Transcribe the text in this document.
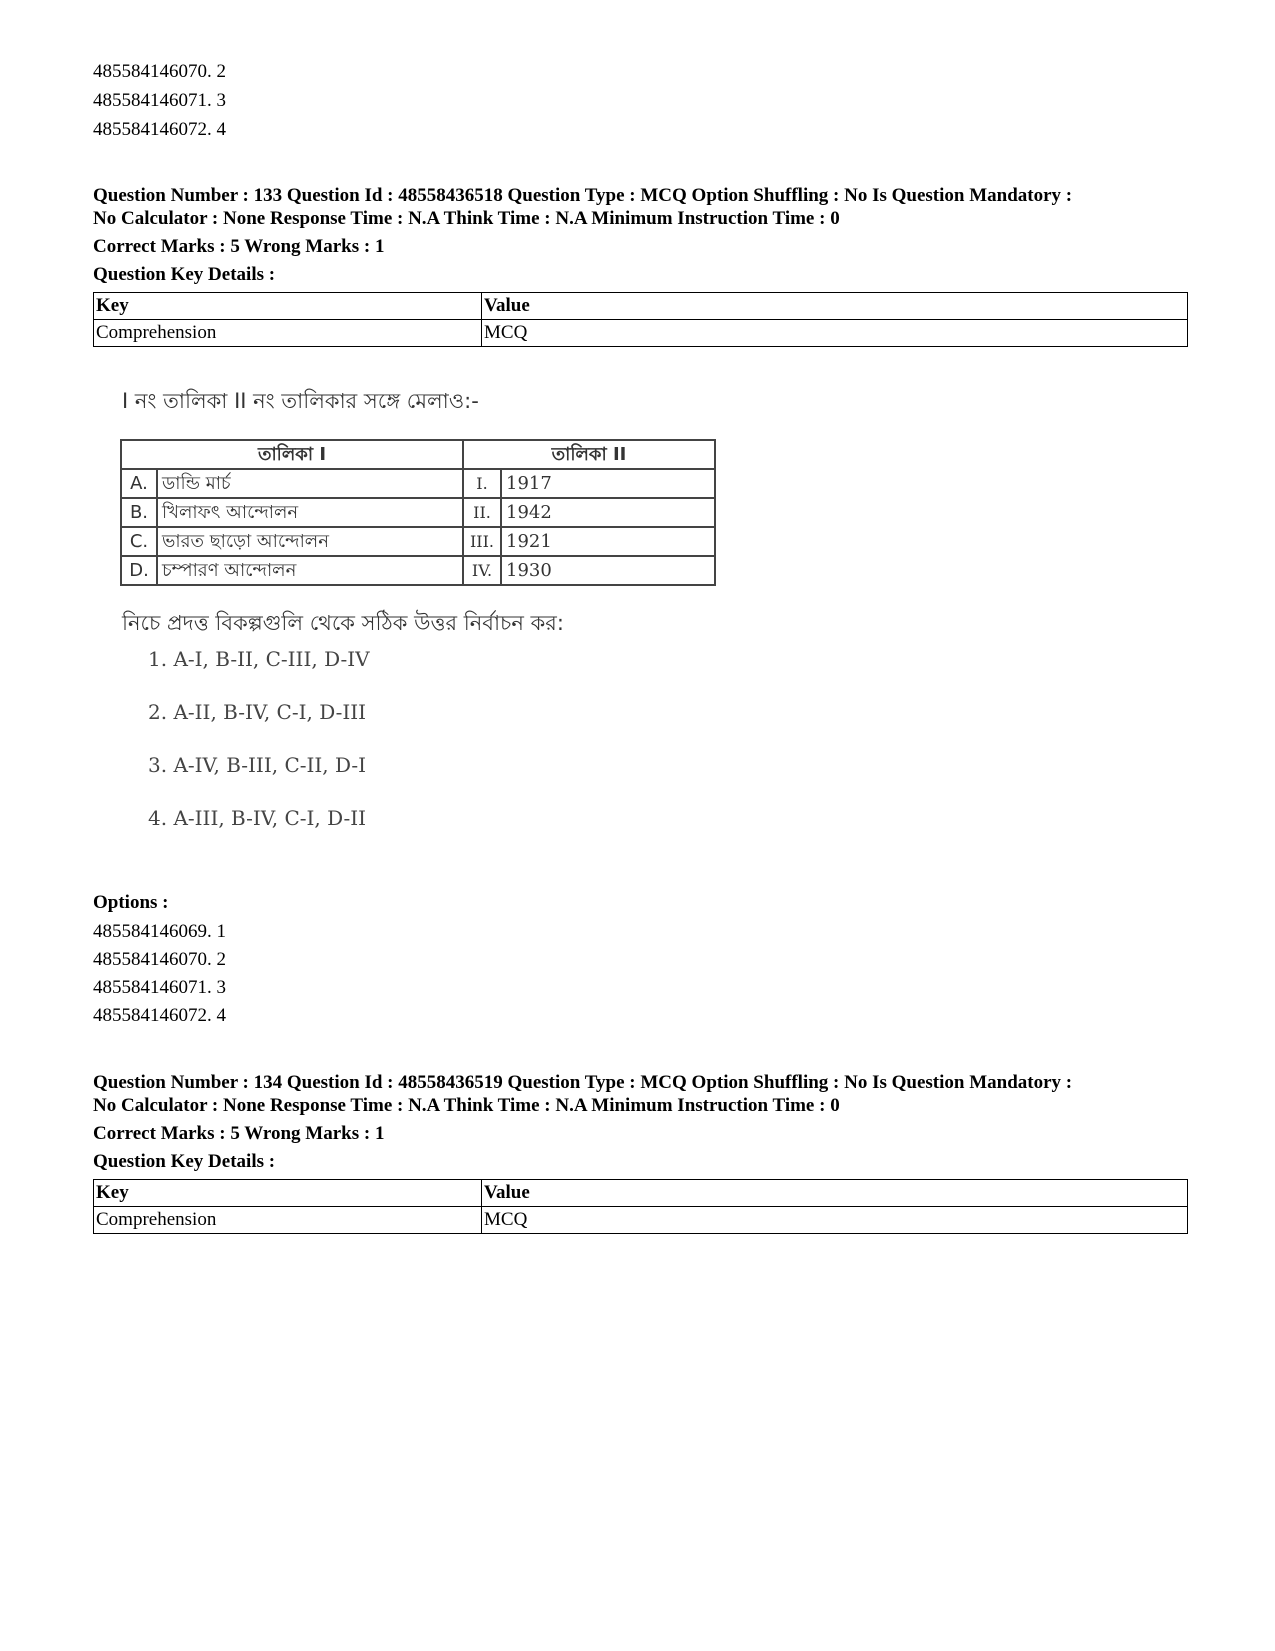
485584146070. 2
485584146071. 3
485584146072. 4
Question Number : 133 Question Id : 48558436518 Question Type : MCQ Option Shuffling : No Is Question Mandatory :
No Calculator : None Response Time : N.A Think Time : N.A Minimum Instruction Time : 0
Correct Marks : 5 Wrong Marks : 1
Question Key Details :
Key	Value
Comprehension	MCQ
I নং তালিকা II নং তালিকার সঙ্গে মেলাও:-
তালিকা I		তালিকা II	
A.	ডান্ডি মার্চ	I.	1917
B.	খিলাফৎ আন্দোলন	II.	1942
C.	ভারত ছাড়ো আন্দোলন	III.	1921
D.	চম্পারণ আন্দোলন	IV.	1930
নিচে প্রদত্ত বিকল্পগুলি থেকে সঠিক উত্তর নির্বাচন কর:
1. A-I, B-II, C-III, D-IV
2. A-II, B-IV, C-I, D-III
3. A-IV, B-III, C-II, D-I
4. A-III, B-IV, C-I, D-II
Options :
485584146069. 1
485584146070. 2
485584146071. 3
485584146072. 4
Question Number : 134 Question Id : 48558436519 Question Type : MCQ Option Shuffling : No Is Question Mandatory :
No Calculator : None Response Time : N.A Think Time : N.A Minimum Instruction Time : 0
Correct Marks : 5 Wrong Marks : 1
Question Key Details :
Key	Value
Comprehension	MCQ
